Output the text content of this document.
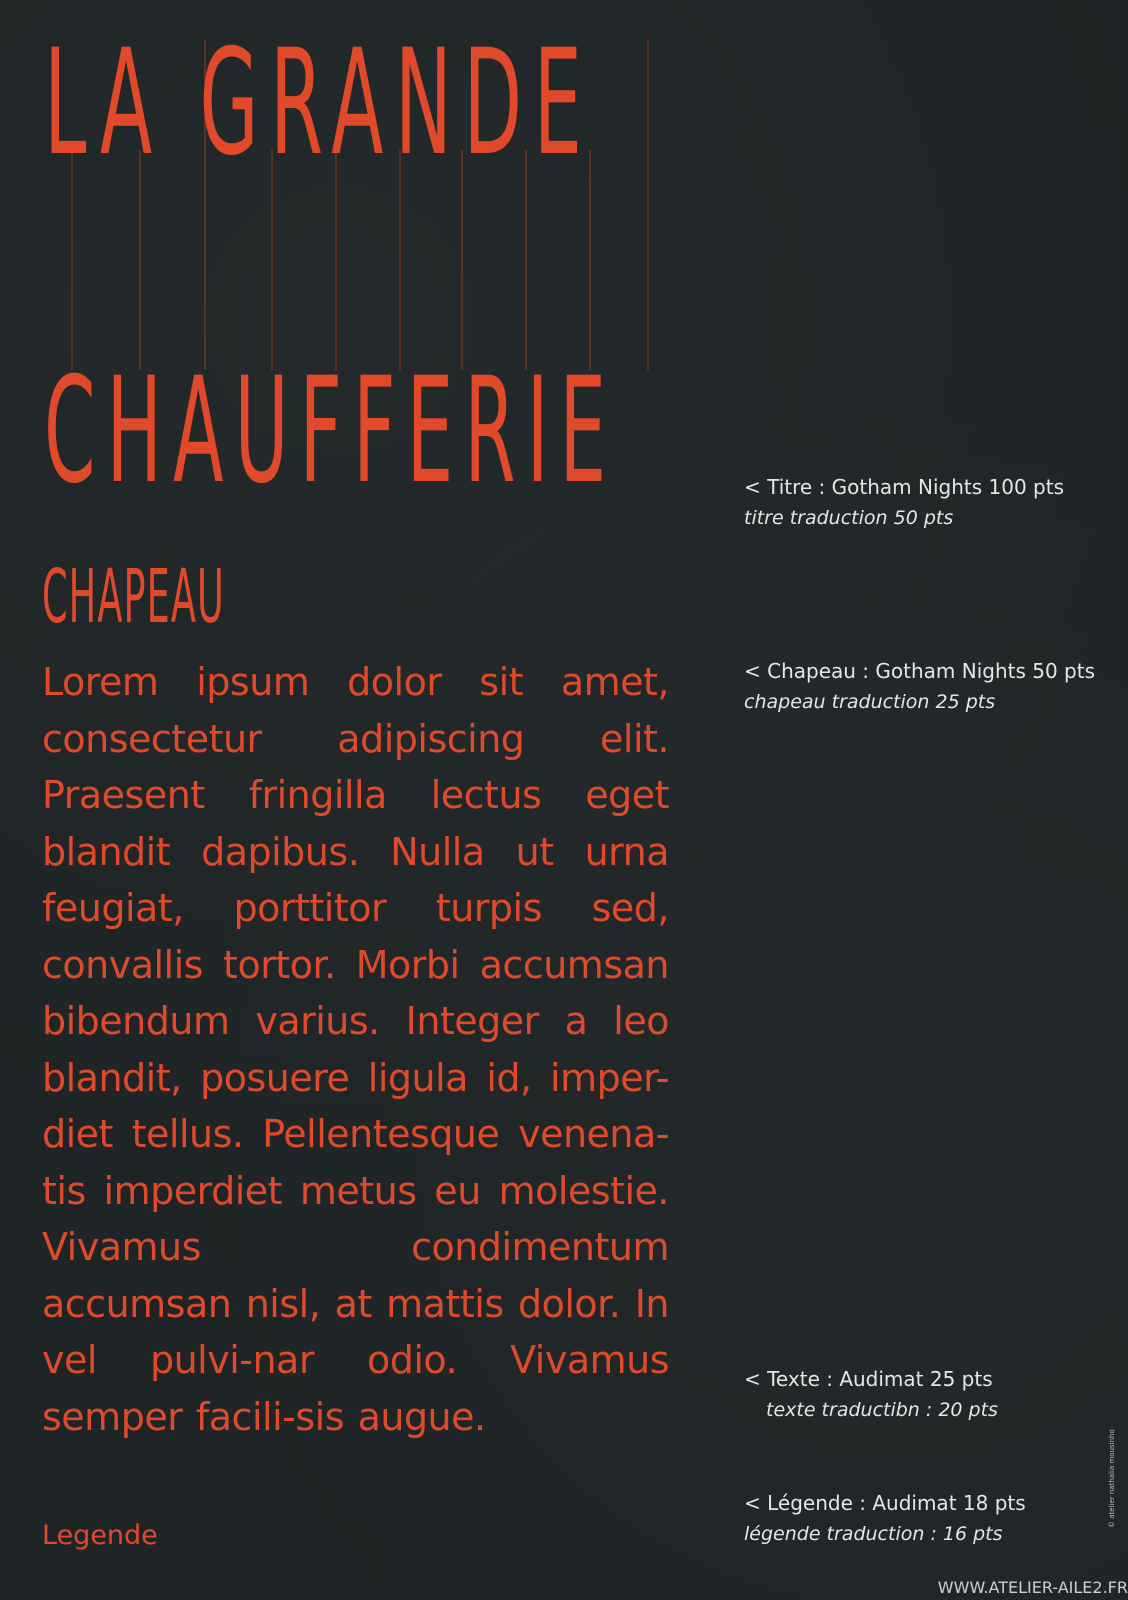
LA GRANDE
CHAUFFERIE
CHAPEAU
Lorem ipsum dolor sit amet, consectetur adipiscing elit. Praesent fringilla lectus eget blandit dapibus. Nulla ut urna feugiat, porttitor turpis sed, convallis tortor. Morbi accumsan bibendum varius. Integer a leo blandit, posuere ligula id, imper-diet tellus. Pellentesque venena-tis imperdiet metus eu molestie. Vivamus condimentum accumsan nisl, at mattis dolor. In vel pulvi-nar odio. Vivamus semper facili-sis augue.
Legende
< Titre : Gotham Nights 100 pts
titre traduction 50 pts
< Chapeau : Gotham Nights 50 pts
chapeau traduction 25 pts
< Texte : Audimat 25 pts
texte traductibn : 20 pts
< Légende : Audimat 18 pts
légende traduction : 16 pts
© atelier nathalia mousinho
WWW.ATELIER-AILE2.FR
